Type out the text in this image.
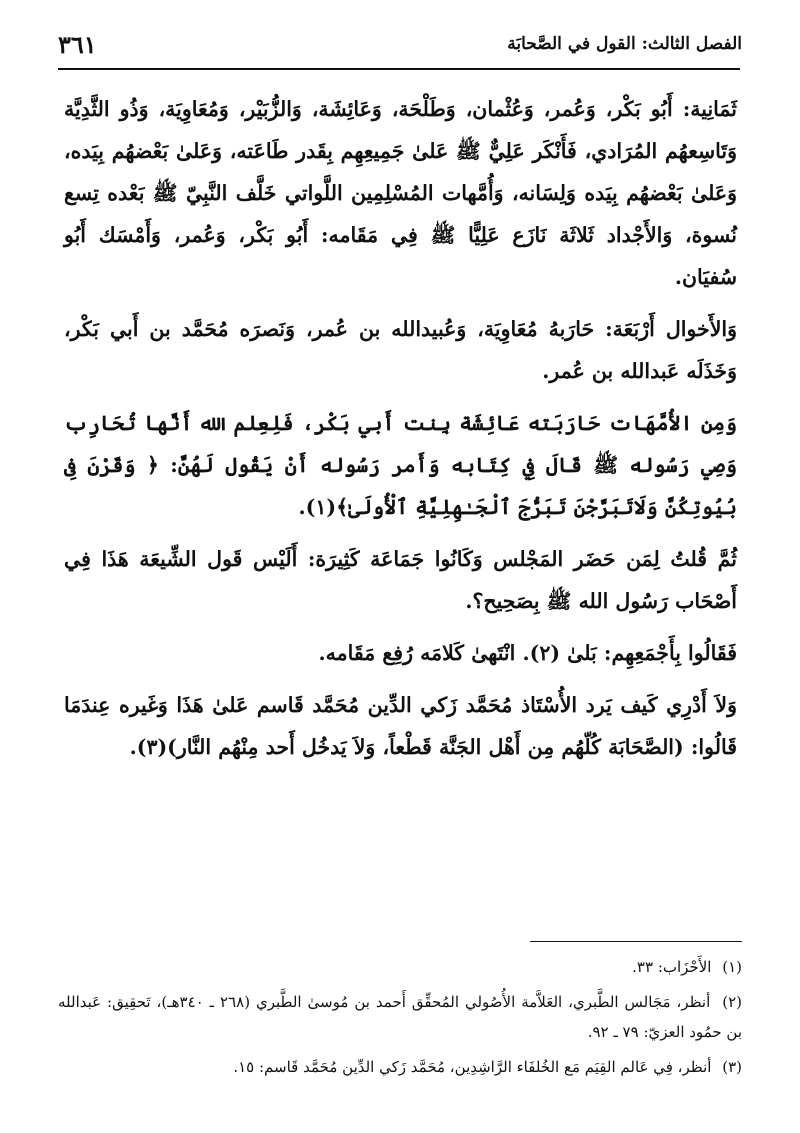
الفصل الثالث: القول في الصَّحابَة
٣٦١

ثَمَانِية: أَبُو بَكْر، وَعُمر، وَعُثْمان، وَطَلْحَة، وَعَائِشَة، وَالزُّبَيْر، وَمُعَاوِيَة، وَذُو الثَّدِيَّة وَتَاسِعهُم المُرَادي، فَأَنْكَر عَلِيٌّ ﷺ عَلىٰ جَمِيعِهِم بِقَدر طَاعَته، وَعَلىٰ بَعْضهُم بِيَده، وَعَلىٰ بَعْضهُم بِيَده وَلِسَانه، وَأُمَّهات المُسْلِمِين اللَّواتي خَلَّف النَّبِيّ ﷺ بَعْده تِسع نُسوة، وَالأَجْداد ثَلاثَة نَازَع عَلِيًّا ﷺ فِي مَقَامه: أَبُو بَكْر، وَعُمر، وَأَمْسَك أَبُو سُفيَان.

وَالأَخوال أَرْبَعَة: حَارَبهُ مُعَاوِيَة، وَعُبيدالله بن عُمر، وَنَصرَه مُحَمَّد بن أَبي بَكْر، وَخَذَلَه عَبدالله بن عُمر.

وَمِن الأُمَّهَات حَارَبَته عَائِشَة بِنت أَبي بَكْر، فَلِعِلم الله أَنَّها تُحَارِب وَصِي رَسُوله ﷺ قَالَ فِي كِتَابه وَأَمر رَسُوله أَنْ يَقُول لَهُنَّ: ﴿ وَقَرْنَ فِى بُيُوتِكُنَّ وَلَاتَبَرَّجْنَ تَبَرُّجَ ٱلْجَـٰهِلِيَّةِ ٱلْأُولَىٰ﴾(١).

ثُمَّ قُلتُ لِمَن حَضَر المَجْلس وَكَانُوا جَمَاعَة كَثِيرَة: أَلَيْس قَول الشِّيعَة هَذَا فِي أَصْحَاب رَسُول الله ﷺ بِصَحِيح؟.

فَقَالُوا بِأَجْمَعِهِم: بَلىٰ (٢). انْتَهىٰ كَلامَه رُفِع مَقَامه.

وَلاَ أَدْرِي كَيف يَرد الأُسْتَاذ مُحَمَّد زَكي الدِّين مُحَمَّد قَاسم عَلىٰ هَذَا وَغَيره عِندَمَا قَالُوا: (الصَّحَابَة كُلّهُم مِن أَهْل الجَنَّة قَطْعاً، وَلاَ يَدخُل أَحد مِنْهُم النَّار)(٣).

(١) الأَحْزَاب: ٣٣.

(٢) أنظر، مَجَالس الطَّبري، العَلاَّمة الأُصُولي المُحقِّق أَحمد بن مُوسىٰ الطَّبري (٢٦٨ ـ ٣٤٠هـ)، تَحقِيق: عَبدالله بن حمُود العزيّ: ٧٩ ـ ٩٢.

(٣) أنظر، فِي عَالم القِيَم مَع الخُلفَاء الرَّاشِدِين، مُحَمَّد زَكي الدِّين مُحَمَّد قَاسم: ١٥.
